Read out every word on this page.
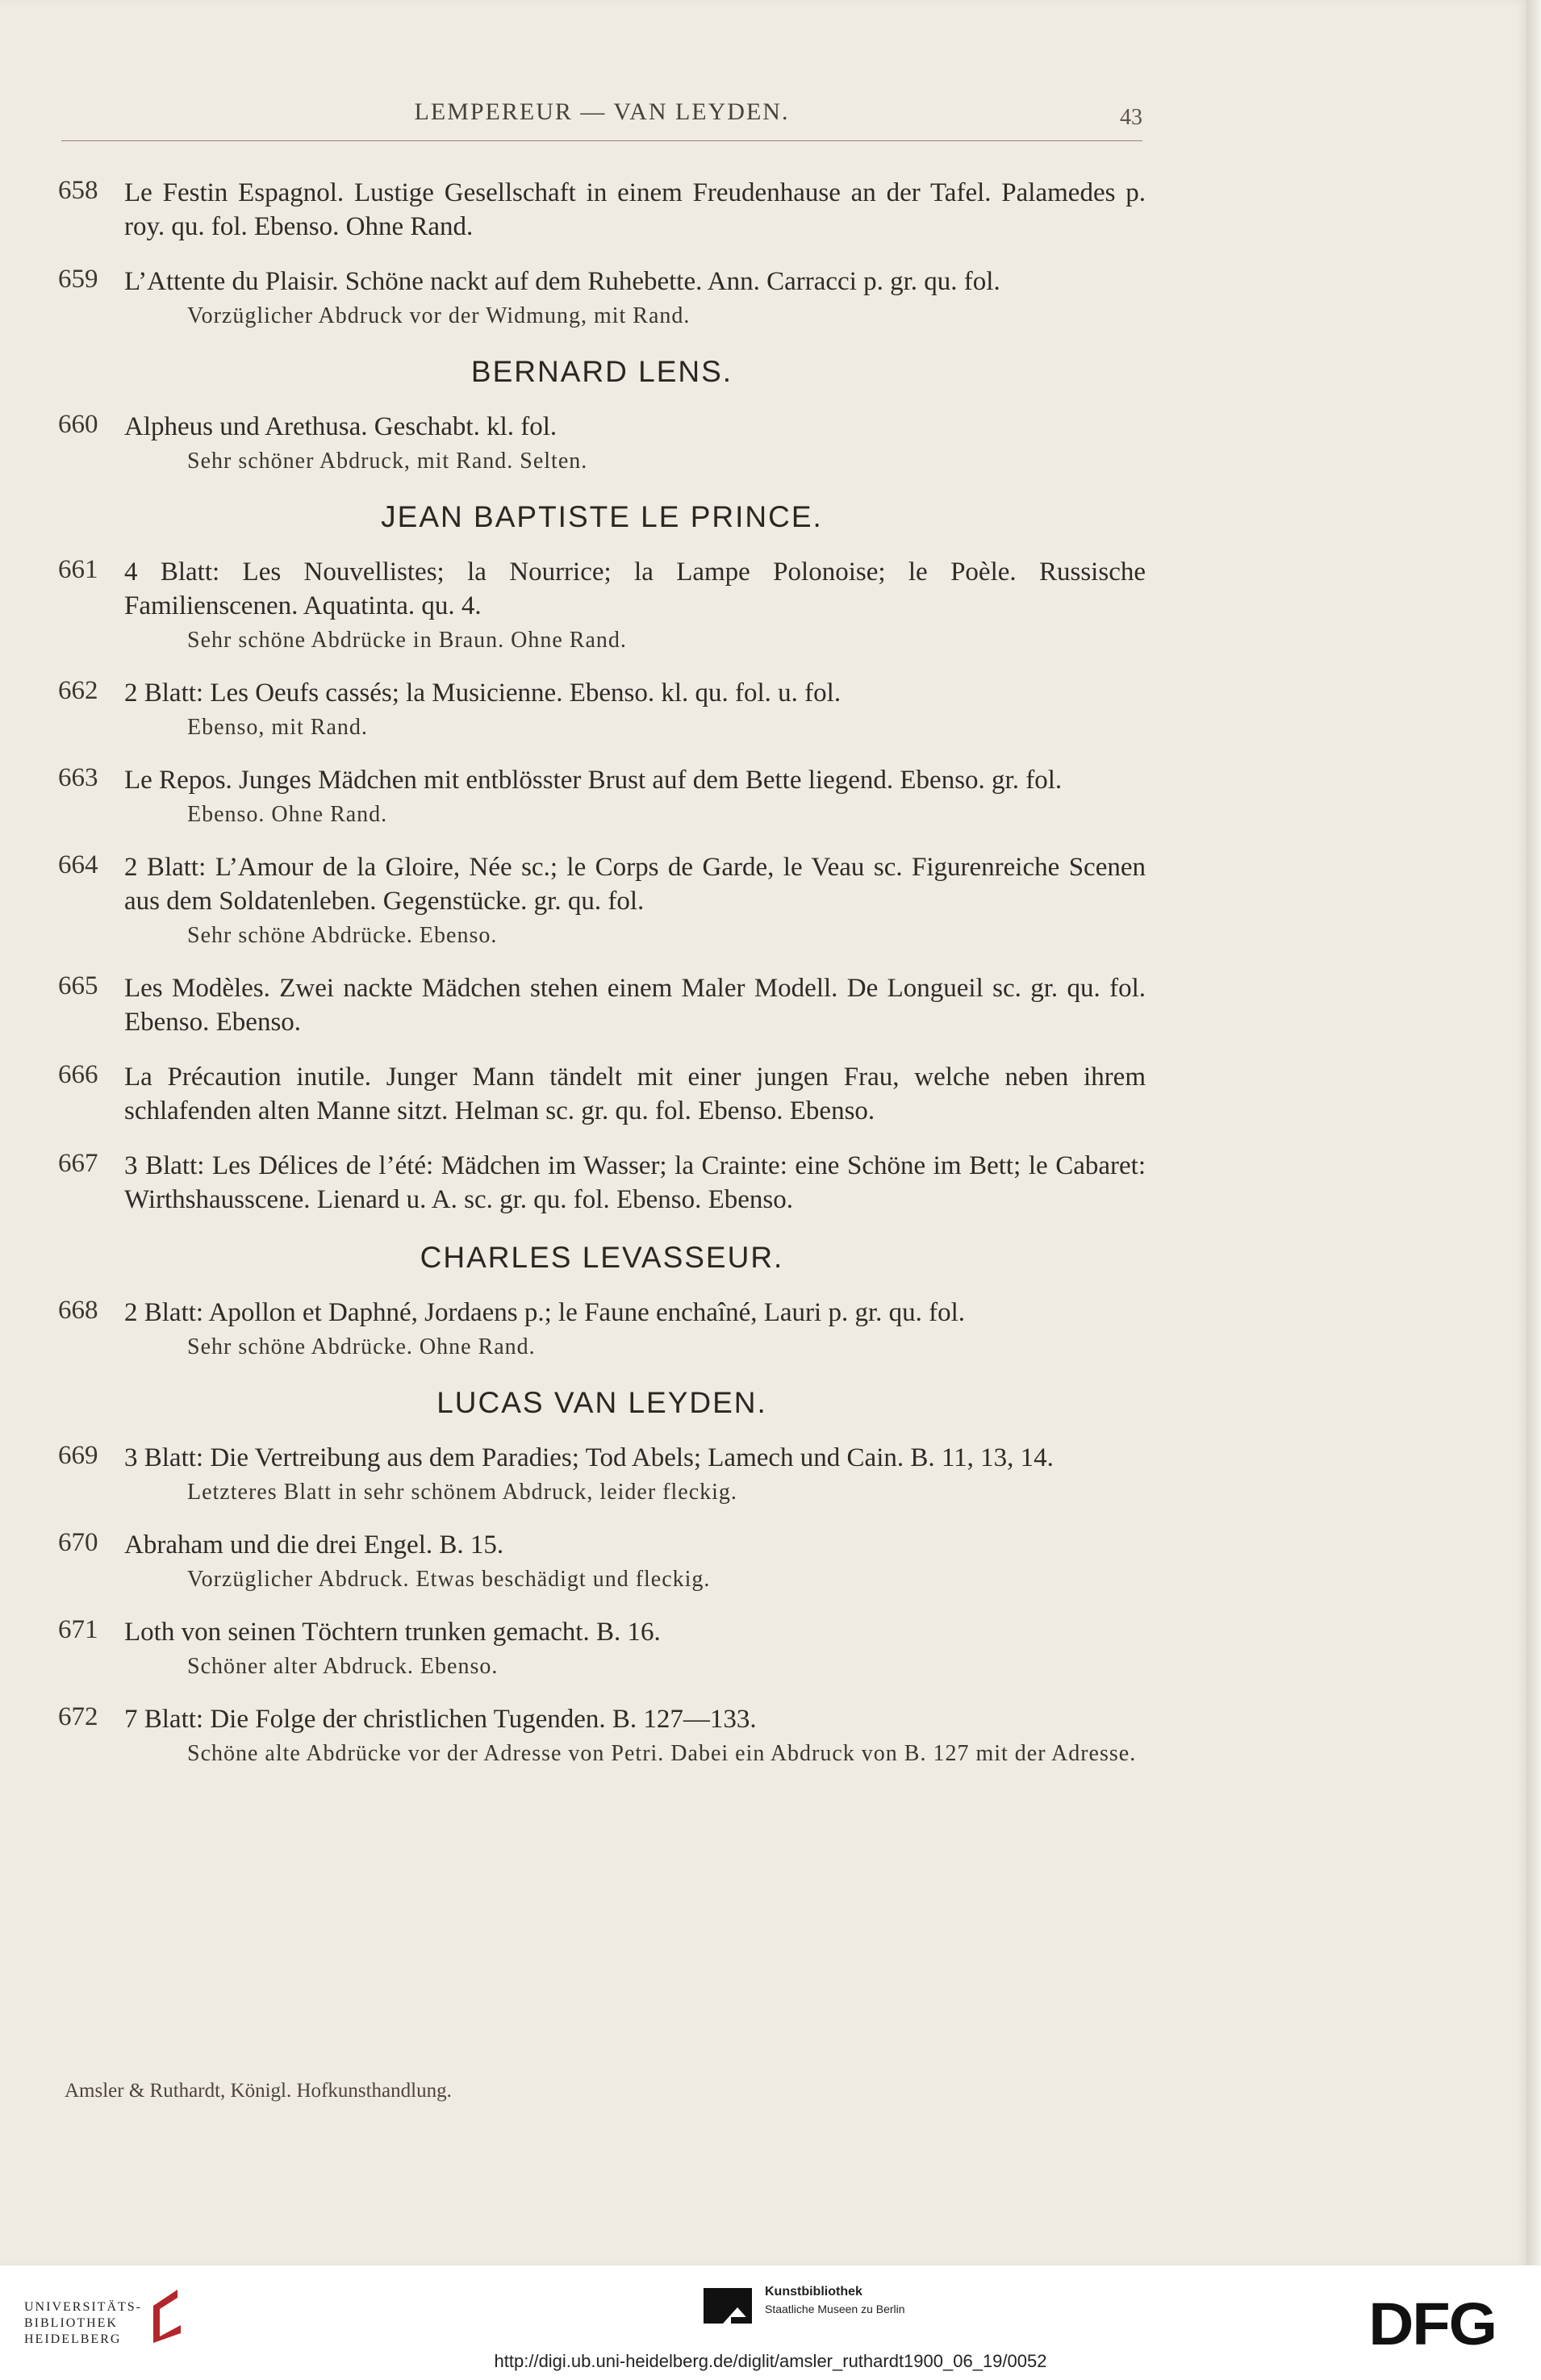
LEMPEREUR — VAN LEYDEN.	43
658 Le Festin Espagnol. Lustige Gesellschaft in einem Freudenhause an der Tafel. Palamedes p. roy. qu. fol. Ebenso. Ohne Rand.
659 L’Attente du Plaisir. Schöne nackt auf dem Ruhebette. Ann. Carracci p. gr. qu. fol.
Vorzüglicher Abdruck vor der Widmung, mit Rand.
BERNARD LENS.
660 Alpheus und Arethusa. Geschabt. kl. fol.
Sehr schöner Abdruck, mit Rand. Selten.
JEAN BAPTISTE LE PRINCE.
661 4 Blatt: Les Nouvellistes; la Nourrice; la Lampe Polonoise; le Poèle. Russische Familienscenen. Aquatinta. qu. 4.
Sehr schöne Abdrücke in Braun. Ohne Rand.
662 2 Blatt: Les Oeufs cassés; la Musicienne. Ebenso. kl. qu. fol. u. fol.
Ebenso, mit Rand.
663 Le Repos. Junges Mädchen mit entblösster Brust auf dem Bette liegend. Ebenso. gr. fol.
Ebenso. Ohne Rand.
664 2 Blatt: L’Amour de la Gloire, Née sc.; le Corps de Garde, le Veau sc. Figurenreiche Scenen aus dem Soldatenleben. Gegenstücke. gr. qu. fol.
Sehr schöne Abdrücke. Ebenso.
665 Les Modèles. Zwei nackte Mädchen stehen einem Maler Modell. De Longueil sc. gr. qu. fol. Ebenso. Ebenso.
666 La Précaution inutile. Junger Mann tändelt mit einer jungen Frau, welche neben ihrem schlafenden alten Manne sitzt. Helman sc. gr. qu. fol. Ebenso. Ebenso.
667 3 Blatt: Les Délices de l’été: Mädchen im Wasser; la Crainte: eine Schöne im Bett; le Cabaret: Wirthshausscene. Lienard u. A. sc. gr. qu. fol. Ebenso. Ebenso.
CHARLES LEVASSEUR.
668 2 Blatt: Apollon et Daphné, Jordaens p.; le Faune enchaîné, Lauri p. gr. qu. fol.
Sehr schöne Abdrücke. Ohne Rand.
LUCAS VAN LEYDEN.
669 3 Blatt: Die Vertreibung aus dem Paradies; Tod Abels; Lamech und Cain. B. 11, 13, 14.
Letzteres Blatt in sehr schönem Abdruck, leider fleckig.
670 Abraham und die drei Engel. B. 15.
Vorzüglicher Abdruck. Etwas beschädigt und fleckig.
671 Loth von seinen Töchtern trunken gemacht. B. 16.
Schöner alter Abdruck. Ebenso.
672 7 Blatt: Die Folge der christlichen Tugenden. B. 127—133.
Schöne alte Abdrücke vor der Adresse von Petri. Dabei ein Abdruck von B. 127 mit der Adresse.
Amsler & Ruthardt, Königl. Hofkunsthandlung.
UNIVERSITÄTS-
BIBLIOTHEK
HEIDELBERG
Kunstbibliothek
Staatliche Museen zu Berlin	DFG
http://digi.ub.uni-heidelberg.de/diglit/amsler_ruthardt1900_06_19/0052
